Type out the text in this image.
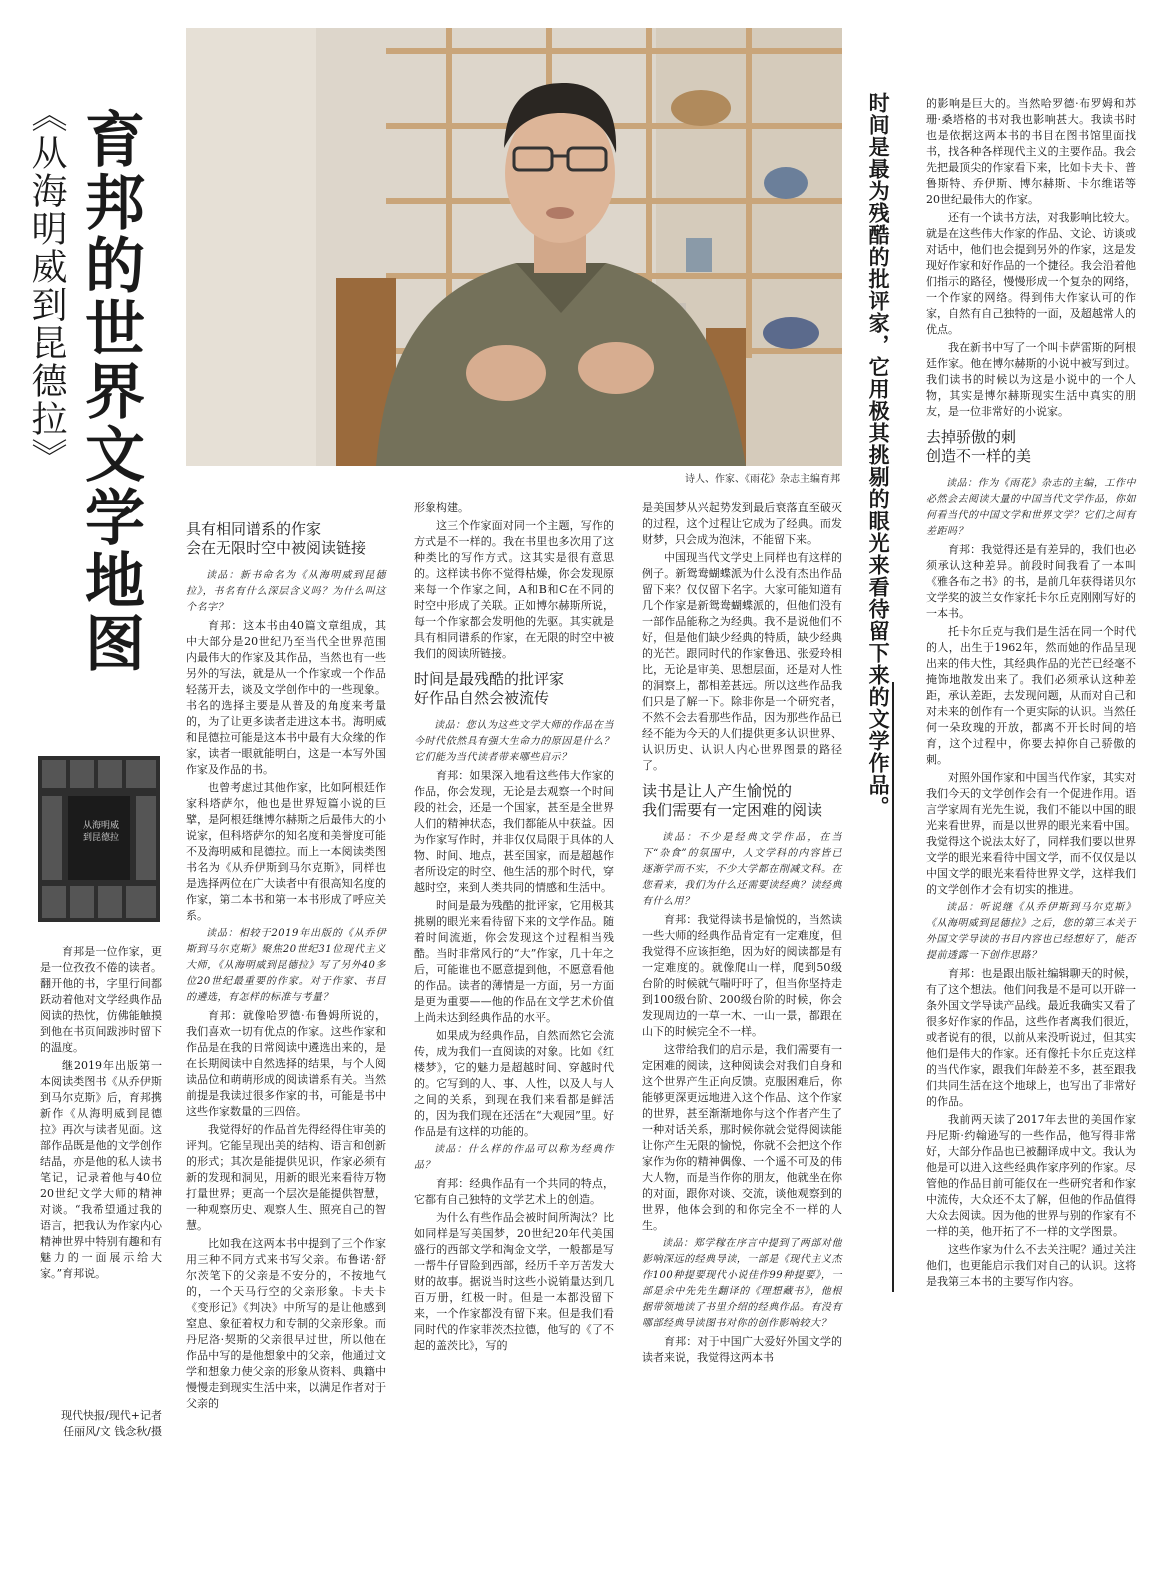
育邦的世界文学地图
《从海明威到昆德拉》	时间是最为残酷的批评家，它用极其挑剔的眼光来看待留下来的文学作品。
诗人、作家、《雨花》杂志主编育邦
从海明威
到昆德拉

育邦是一位作家，更是一位孜孜不倦的读者。翻开他的书，字里行间都跃动着他对文学经典作品阅读的热忱，仿佛能触摸到他在书页间跋涉时留下的温度。

继2019年出版第一本阅读类图书《从乔伊斯到马尔克斯》后，育邦携新作《从海明威到昆德拉》再次与读者见面。这部作品既是他的文学创作结晶，亦是他的私人读书笔记，记录着他与40位20世纪文学大师的精神对谈。“我希望通过我的语言，把我认为作家内心精神世界中特别有趣和有魅力的一面展示给大家。”育邦说。

现代快报/现代+记者
任丽风/文 钱念秋/摄
具有相同谱系的作家
会在无限时空中被阅读链接

读品：新书命名为《从海明威到昆德拉》，书名有什么深层含义吗？为什么叫这个名字？

育邦：这本书由40篇文章组成，其中大部分是20世纪乃至当代全世界范围内最伟大的作家及其作品，当然也有一些另外的写法，就是从一个作家或一个作品轻荡开去，谈及文学创作中的一些现象。书名的选择主要是从普及的角度来考量的，为了让更多读者走进这本书。海明威和昆德拉可能是这本书中最有大众缘的作家，读者一眼就能明白，这是一本写外国作家及作品的书。

也曾考虑过其他作家，比如阿根廷作家科塔萨尔，他也是世界短篇小说的巨擘，是阿根廷继博尔赫斯之后最伟大的小说家，但科塔萨尔的知名度和美誉度可能不及海明威和昆德拉。而上一本阅读类图书名为《从乔伊斯到马尔克斯》，同样也是选择两位在广大读者中有很高知名度的作家，第二本书和第一本书形成了呼应关系。

读品：相较于2019年出版的《从乔伊斯到马尔克斯》聚焦20世纪31位现代主义大师，《从海明威到昆德拉》写了另外40多位20世纪最重要的作家。对于作家、书目的遴选，有怎样的标准与考量？

育邦：就像哈罗德·布鲁姆所说的，我们喜欢一切有优点的作家。这些作家和作品是在我的日常阅读中遴选出来的，是在长期阅读中自然选择的结果，与个人阅读品位和萌萌形成的阅读谱系有关。当然前提是我读过很多作家的书，可能是书中这些作家数量的三四倍。

我觉得好的作品首先得经得住审美的评判。它能呈现出美的结构、语言和创新的形式；其次是能提供见识，作家必须有新的发现和洞见，用新的眼光来看待万物打量世界；更高一个层次是能提供智慧，一种观察历史、观察人生、照亮自己的智慧。

比如我在这两本书中提到了三个作家用三种不同方式来书写父亲。布鲁诺·舒尔茨笔下的父亲是不安分的，不按地气的，一个天马行空的父亲形象。卡夫卡《变形记》《判决》中所写的是让他感到窒息、象征着权力和专制的父亲形象。而丹尼洛·契斯的父亲很早过世，所以他在作品中写的是他想象中的父亲，他通过文学和想象力使父亲的形象从资料、典籍中慢慢走到现实生活中来，以满足作者对于父亲的

形象构建。

这三个作家面对同一个主题，写作的方式是不一样的。我在书里也多次用了这种类比的写作方式。这其实是很有意思的。这样读书你不觉得枯燥，你会发现原来每一个作家之间，A和B和C在不同的时空中形成了关联。正如博尔赫斯所说，每一个作家都会发明他的先驱。其实就是具有相同谱系的作家，在无限的时空中被我们的阅读所链接。

时间是最残酷的批评家
好作品自然会被流传

读品：您认为这些文学大师的作品在当今时代依然具有强大生命力的原因是什么？它们能为当代读者带来哪些启示？

育邦：如果深入地看这些伟大作家的作品，你会发现，无论是去观察一个时间段的社会，还是一个国家，甚至是全世界人们的精神状态，我们都能从中获益。因为作家写作时，并非仅仅局限于具体的人物、时间、地点，甚至国家，而是超越作者所设定的时空、他生活的那个时代，穿越时空，来到人类共同的情感和生活中。

时间是最为残酷的批评家，它用极其挑剔的眼光来看待留下来的文学作品。随着时间流逝，你会发现这个过程相当残酷。当时非常风行的“大”作家，几十年之后，可能谁也不愿意提到他，不愿意看他的作品。读者的薄情是一方面，另一方面是更为重要——他的作品在文学艺术价值上尚未达到经典作品的水平。

如果成为经典作品，自然而然它会流传，成为我们一直阅读的对象。比如《红楼梦》，它的魅力是超越时间、穿越时代的。它写到的人、事、人性，以及人与人之间的关系，到现在我们来看都是鲜活的，因为我们现在还活在“大观园”里。好作品是有这样的功能的。

读品：什么样的作品可以称为经典作品？

育邦：经典作品有一个共同的特点，它都有自己独特的文学艺术上的创造。

为什么有些作品会被时间所淘汰？比如同样是写美国梦，20世纪20年代美国盛行的西部文学和淘金文学，一般都是写一帮牛仔冒险到西部，经历千辛万苦发大财的故事。据说当时这些小说销量达到几百万册，红极一时。但是一本都没留下来，一个作家都没有留下来。但是我们看同时代的作家菲茨杰拉德，他写的《了不起的盖茨比》，写的

是美国梦从兴起势发到最后衰落直至破灭的过程，这个过程让它成为了经典。而发财梦，只会成为泡沫，不能留下来。

中国现当代文学史上同样也有这样的例子。新鸳鸯蝴蝶派为什么没有杰出作品留下来？仅仅留下名字。大家可能知道有几个作家是新鸳鸯蝴蝶派的，但他们没有一部作品能称之为经典。我不是说他们不好，但是他们缺少经典的特质，缺少经典的光芒。跟同时代的作家鲁迅、张爱玲相比，无论是审美、思想层面，还是对人性的洞察上，都相差甚远。所以这些作品我们只是了解一下。除非你是一个研究者，不然不会去看那些作品，因为那些作品已经不能为今天的人们提供更多认识世界、认识历史、认识人内心世界图景的路径了。

读书是让人产生愉悦的
我们需要有一定困难的阅读

读品：不少是经典文学作品，在当下“杂食”的氛围中，人文学科的内容皆已逐渐学而不实，不少大学都在削减文科。在您看来，我们为什么还需要读经典？读经典有什么用？

育邦：我觉得读书是愉悦的，当然读一些大师的经典作品肯定有一定难度，但我觉得不应该拒绝，因为好的阅读都是有一定难度的。就像爬山一样，爬到50级台阶的时候就气喘吁吁了，但当你坚持走到100级台阶、200级台阶的时候，你会发现周边的一草一木、一山一景，都跟在山下的时候完全不一样。

这带给我们的启示是，我们需要有一定困难的阅读，这种阅读会对我们自身和这个世界产生正向反馈。克服困难后，你能够更深更远地进入这个作品、这个作家的世界，甚至渐渐地你与这个作者产生了一种对话关系，那时候你就会觉得阅读能让你产生无限的愉悦，你就不会把这个作家作为你的精神偶像、一个遥不可及的伟大人物，而是当作你的朋友，他就坐在你的对面，跟你对谈、交流，谈他观察到的世界，他体会到的和你完全不一样的人生。

读品：郑学稼在序言中提到了两部对他影响深远的经典导读，一部是《现代主义杰作100种提要现代小说佳作99种提要》，一部是余中先先生翻译的《理想藏书》，他根据带领地读了书里介绍的经典作品。有没有哪部经典导读图书对你的创作影响较大？

育邦：对于中国广大爱好外国文学的读者来说，我觉得这两本书

的影响是巨大的。当然哈罗德·布罗姆和苏珊·桑塔格的书对我也影响甚大。我读书时也是依据这两本书的书目在图书馆里面找书，找各种各样现代主义的主要作品。我会先把最顶尖的作家看下来，比如卡夫卡、普鲁斯特、乔伊斯、博尔赫斯、卡尔维诺等20世纪最伟大的作家。

还有一个读书方法，对我影响比较大。就是在这些伟大作家的作品、文论、访谈或对话中，他们也会提到另外的作家，这是发现好作家和好作品的一个捷径。我会沿着他们指示的路径，慢慢形成一个复杂的网络，一个作家的网络。得到伟大作家认可的作家，自然有自己独特的一面，及超越常人的优点。

我在新书中写了一个叫卡萨雷斯的阿根廷作家。他在博尔赫斯的小说中被写到过。我们读书的时候以为这是小说中的一个人物，其实是博尔赫斯现实生活中真实的朋友，是一位非常好的小说家。

去掉骄傲的刺
创造不一样的美

读品：作为《雨花》杂志的主编，工作中必然会去阅读大量的中国当代文学作品，你如何看当代的中国文学和世界文学？它们之间有差距吗？

育邦：我觉得还是有差异的，我们也必须承认这种差异。前段时间我看了一本叫《雅各布之书》的书，是前几年获得诺贝尔文学奖的波兰女作家托卡尔丘克刚刚写好的一本书。

托卡尔丘克与我们是生活在同一个时代的人，出生于1962年，然而她的作品呈现出来的伟大性，其经典作品的光芒已经毫不掩饰地散发出来了。我们必须承认这种差距，承认差距，去发现问题，从而对自己和对未来的创作有一个更实际的认识。当然任何一朵玫瑰的开放，都离不开长时间的培育，这个过程中，你要去掉你自己骄傲的刺。

对照外国作家和中国当代作家，其实对我们今天的文学创作会有一个促进作用。语言学家周有光先生说，我们不能以中国的眼光来看世界，而是以世界的眼光来看中国。我觉得这个说法太好了，同样我们要以世界文学的眼光来看待中国文学，而不仅仅是以中国文学的眼光来看待世界文学，这样我们的文学创作才会有切实的推进。

读品：听说继《从乔伊斯到马尔克斯》《从海明威到昆德拉》之后，您的第三本关于外国文学导读的书目内容也已经想好了，能否提前透露一下创作思路？

育邦：也是跟出版社编辑聊天的时候，有了这个想法。他们问我是不是可以开辟一条外国文学导读产品线。最近我确实又看了很多好作家的作品，这些作者离我们很近，或者说有的很，以前从来没听说过，但其实他们是伟大的作家。还有像托卡尔丘克这样的当代作家，跟我们年龄差不多，甚至跟我们共同生活在这个地球上，也写出了非常好的作品。

我前两天读了2017年去世的美国作家丹尼斯·约翰逊写的一些作品，他写得非常好，大部分作品也已被翻译成中文。我认为他是可以进入这些经典作家序列的作家。尽管他的作品目前可能仅在一些研究者和作家中流传，大众还不太了解，但他的作品值得大众去阅读。因为他的世界与别的作家有不一样的美，他开拓了不一样的文学图景。

这些作家为什么不去关注呢？通过关注他们，也更能启示我们对自己的认识。这将是我第三本书的主要写作内容。
